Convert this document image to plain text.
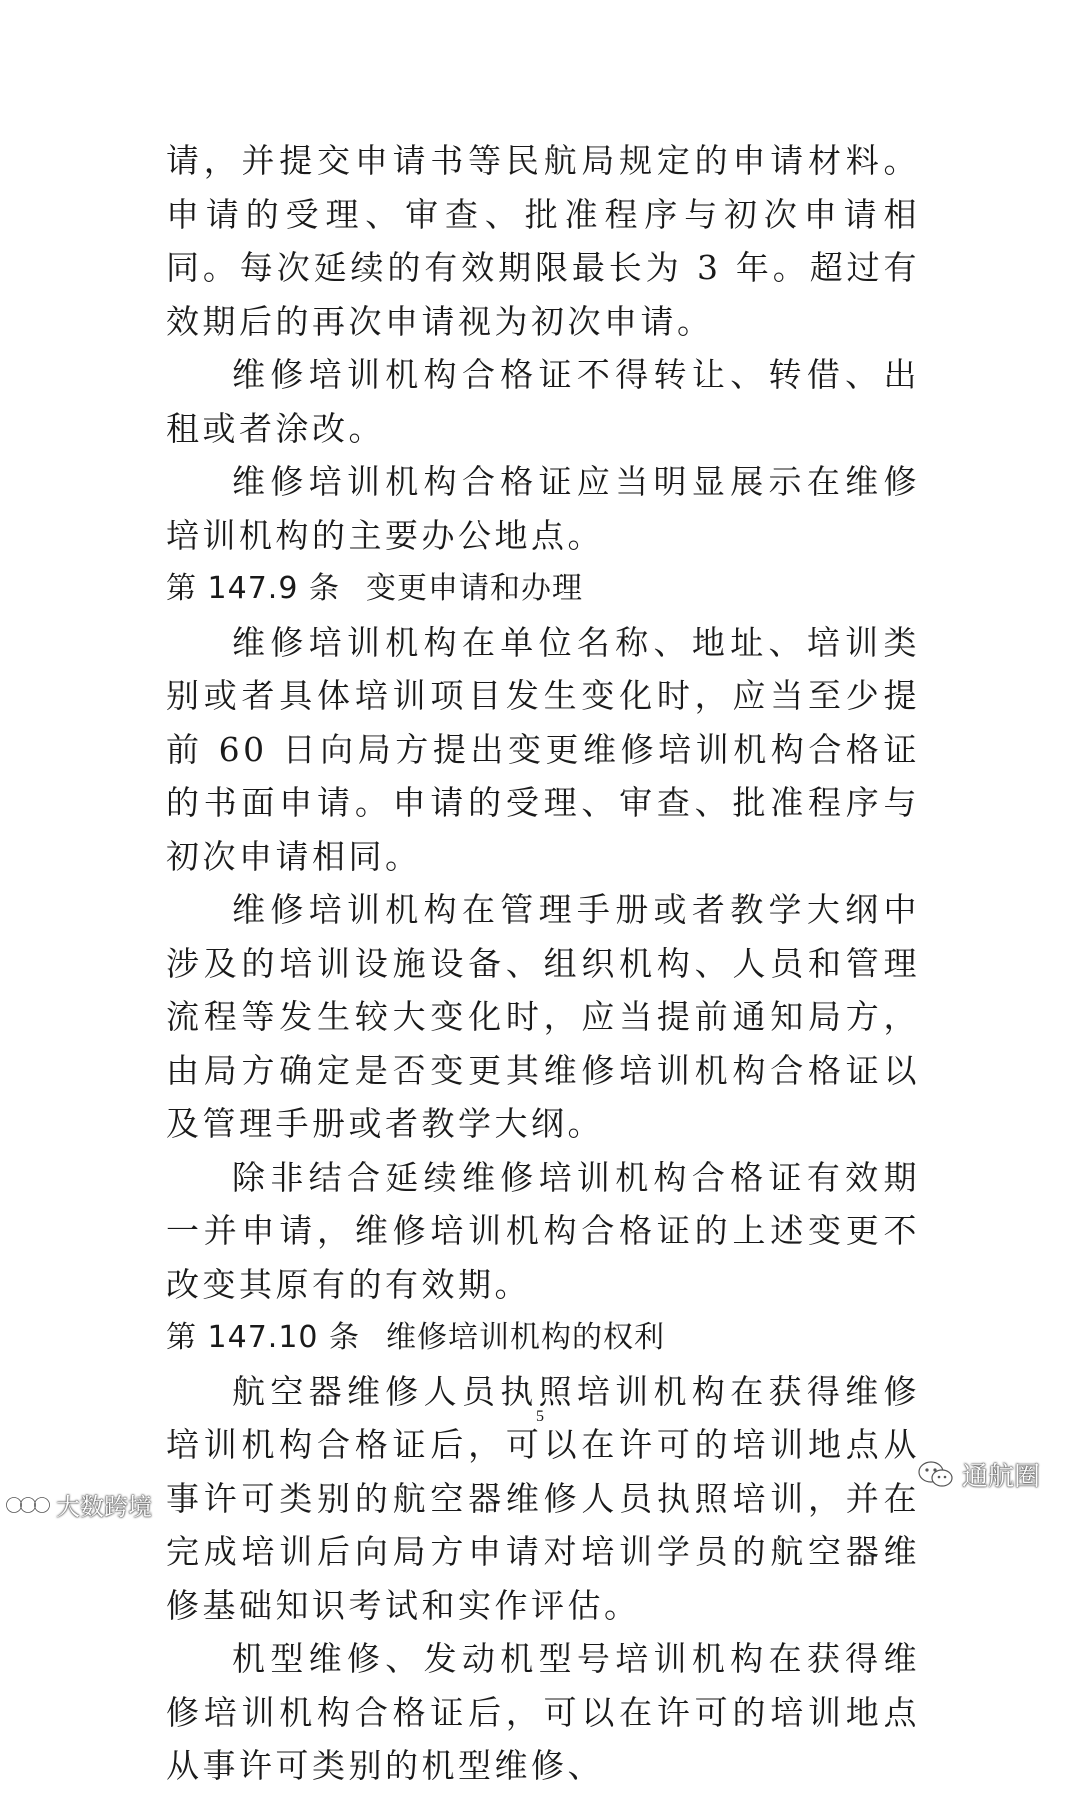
请，并提交申请书等民航局规定的申请材料。申请的受理、审查、批准程序与初次申请相同。每次延续的有效期限最长为 3 年。超过有效期后的再次申请视为初次申请。

维修培训机构合格证不得转让、转借、出租或者涂改。

维修培训机构合格证应当明显展示在维修培训机构的主要办公地点。

第 147.9 条 变更申请和办理

维修培训机构在单位名称、地址、培训类别或者具体培训项目发生变化时，应当至少提前 60 日向局方提出变更维修培训机构合格证的书面申请。申请的受理、审查、批准程序与初次申请相同。

维修培训机构在管理手册或者教学大纲中涉及的培训设施设备、组织机构、人员和管理流程等发生较大变化时，应当提前通知局方，由局方确定是否变更其维修培训机构合格证以及管理手册或者教学大纲。

除非结合延续维修培训机构合格证有效期一并申请，维修培训机构合格证的上述变更不改变其原有的有效期。

第 147.10 条 维修培训机构的权利

航空器维修人员执照培训机构在获得维修培训机构合格证后，可以在许可的培训地点从事许可类别的航空器维修人员执照培训，并在完成培训后向局方申请对培训学员的航空器维修基础知识考试和实作评估。

机型维修、发动机型号培训机构在获得维修培训机构合格证后，可以在许可的培训地点从事许可类别的机型维修、

5
大数跨境
通航圈
